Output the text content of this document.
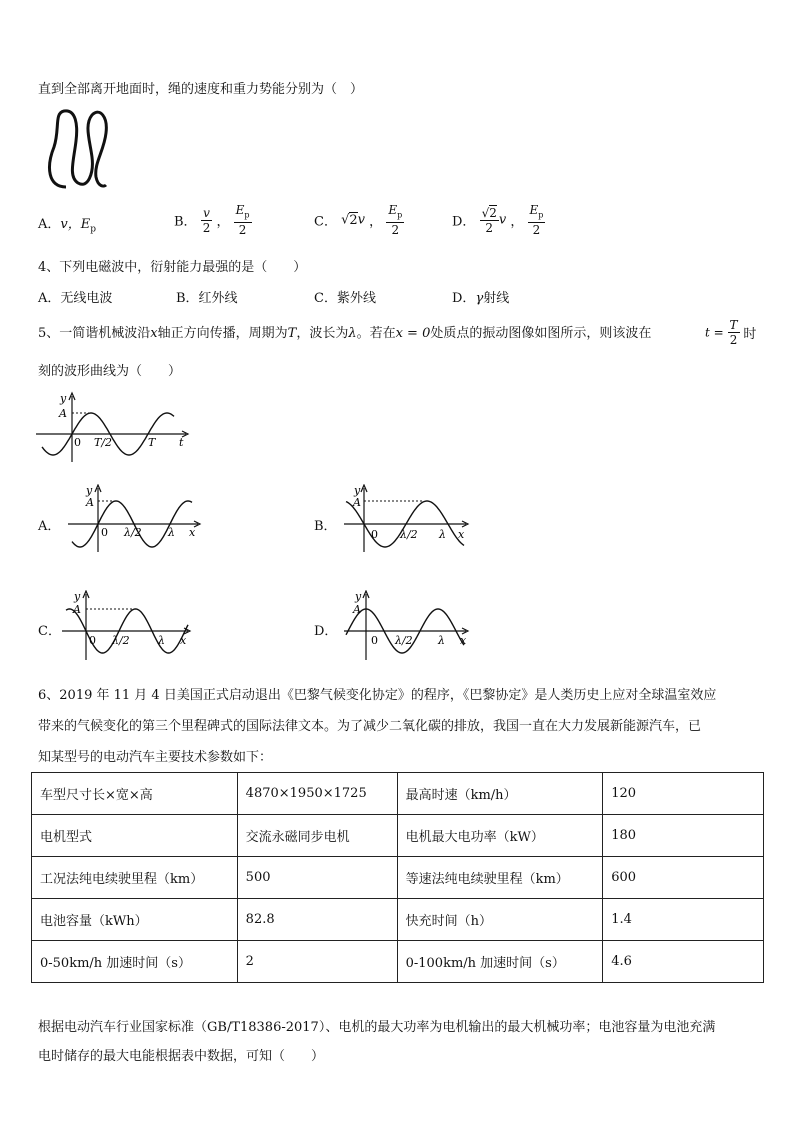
直到全部离开地面时，绳的速度和重力势能分别为（　）
A．v，$E_p$	B． $\frac{v}{2}$ ， $\frac{E_p}{2}$	C． √2v ， $\frac{E_p}{2}$	D． $\frac{√2}{2}$ v ， $\frac{E_p}{2}$
4、下列电磁波中，衍射能力最强的是（　　）
A．无线电波	B．红外线	C．紫外线	D．γ射线
5、一简谐机械波沿x轴正方向传播，周期为T，波长为λ。若在x = 0处质点的振动图像如图所示，则该波在	$t = \frac{T}{2}$ 时
刻的波形曲线为（　　）
y
A
0 T/2	T t
A．
y
A
0 λ/2 λ x	B．
y
A
0 λ/2 λ x
C．
y
A
0 λ/2	λ x
D．
y
A
0 λ/2 λ x
6、2019 年 11 月 4 日美国正式启动退出《巴黎气候变化协定》的程序，《巴黎协定》是人类历史上应对全球温室效应
带来的气候变化的第三个里程碑式的国际法律文本。为了减少二氧化碳的排放，我国一直在大力发展新能源汽车，已
知某型号的电动汽车主要技术参数如下：
车型尺寸长×宽×高	4870×1950×1725	最高时速（km/h）	120
电机型式	交流永磁同步电机	电机最大电功率（kW）	180
工况法纯电续驶里程（km）	500	等速法纯电续驶里程（km）	600
电池容量（kWh）	82.8	快充时间（h）	1.4
0-50km/h 加速时间（s）	2	0-100km/h 加速时间（s）	4.6
根据电动汽车行业国家标准（GB/T18386-2017）、电机的最大功率为电机输出的最大机械功率；电池容量为电池充满
电时储存的最大电能根据表中数据，可知（　　）
